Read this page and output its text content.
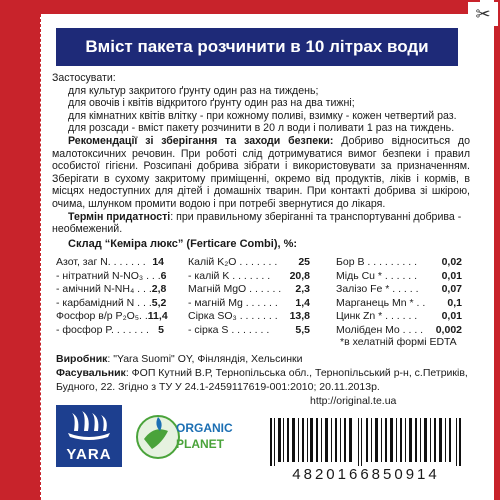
✂
Вміст пакета розчинити в 10 літрах води

Застосувати:

для культур закритого ґрунту один раз на тиждень;

для овочів і квітів відкритого ґрунту один раз на два тижні;

для кімнатних квітів влітку - при кожному поливі, взимку - кожен четвертий раз.

для розсади - вміст пакету розчинити в 20 л води і поливати 1 раз на тиждень.

Рекомендації зі зберігання та заходи безпеки: Добриво відноситься до малотоксичних речовин. При роботі слід дотримуватися вимог безпеки і правил особистої гігієни. Розсипані добрива зібрати і використовувати за призначенням. Зберігати в сухому закритому приміщенні, окремо від продуктів, ліків і кормів, в місцях недоступних для дітей і домашніх тварин. При контакті добрива зі шкірою, очима, шлунком промити водою і при потребі звернутися до лікаря.

Термін придатності: при правильному зберіганні та транспортуванні добрива - необмежений.

Склад “Кеміра люкс” (Ferticare Combi), %:
Азот, заг N. . . . . . . 14
- нітратний N-NO₃ . . . 6
- амічний N-NH₄ . . . 2,8
- карбамідний N . . . 5,2
Фосфор в/р P₂O₅. . 11,4
- фосфор P. . . . . . . 5
Калій K₂O . . . . . . . 25
- калій K . . . . . . . 20,8
Магній MgO . . . . . . 2,3
- магній Mg . . . . . . 1,4
Сірка SO₃ . . . . . . . 13,8
- сірка S . . . . . . . 5,5
Бор B . . . . . . . . . 0,02
Мідь Cu * . . . . . . 0,01
Залізо Fe * . . . . . 0,07
Марганець Mn * . . 0,1
Цинк Zn * . . . . . . 0,01
Молібден Mo . . . . 0,002
*в хелатній формі EDTA
Виробник: "Yara Suomi" OY, Фінляндія, Хельсинки
Фасувальник: ФОП Кутний В.Р, Тернопільська обл., Тернопільський р-н, с.Петриків, Будного, 22. Згідно з ТУ У 24.1-2459117619-001:2010; 20.11.2013р.
http://original.te.ua
YARA
ORGANIC
PLANET
4820166850914
